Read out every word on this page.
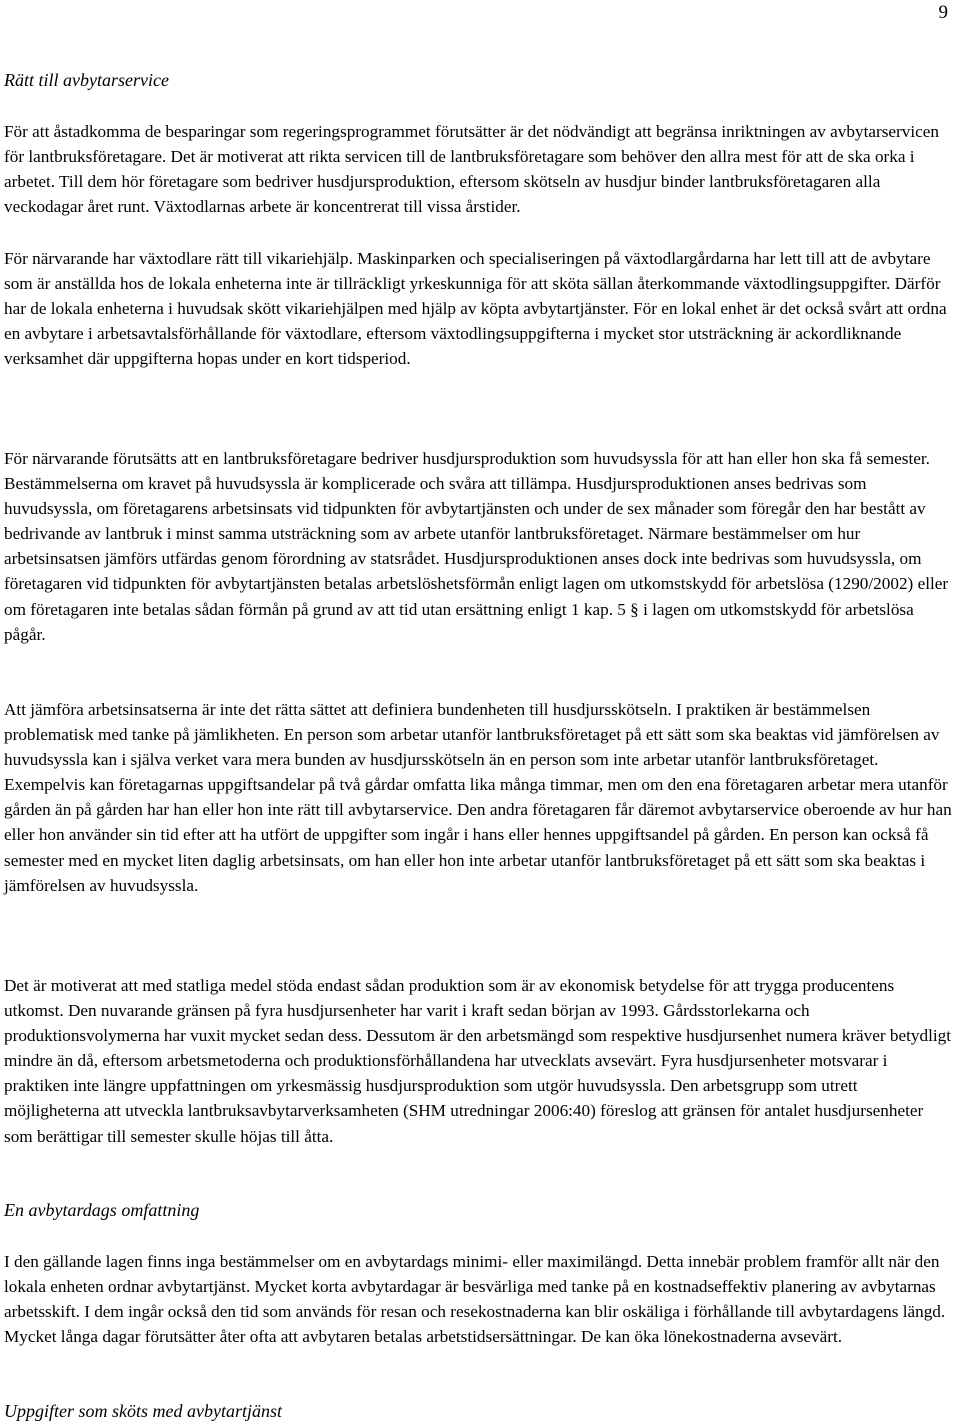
9

Rätt till avbytarservice

För att åstadkomma de besparingar som regeringsprogrammet förutsätter är det nödvändigt att begränsa inriktningen av avbytarservicen för lantbruksföretagare. Det är motiverat att rikta servicen till de lantbruksföretagare som behöver den allra mest för att de ska orka i arbetet. Till dem hör företagare som bedriver husdjursproduktion, eftersom skötseln av husdjur binder lantbruksföretagaren alla veckodagar året runt. Växtodlarnas arbete är koncentrerat till vissa årstider.

För närvarande har växtodlare rätt till vikariehjälp. Maskinparken och specialiseringen på växtodlargårdarna har lett till att de avbytare som är anställda hos de lokala enheterna inte är tillräckligt yrkeskunniga för att sköta sällan återkommande växtodlingsuppgifter. Därför har de lokala enheterna i huvudsak skött vikariehjälpen med hjälp av köpta avbytartjänster. För en lokal enhet är det också svårt att ordna en avbytare i arbetsavtalsförhållande för växtodlare, eftersom växtodlingsuppgifterna i mycket stor utsträckning är ackordliknande verksamhet där uppgifterna hopas under en kort tidsperiod.

För närvarande förutsätts att en lantbruksföretagare bedriver husdjursproduktion som huvudsyssla för att han eller hon ska få semester. Bestämmelserna om kravet på huvudsyssla är komplicerade och svåra att tillämpa. Husdjursproduktionen anses bedrivas som huvudsyssla, om företagarens arbetsinsats vid tidpunkten för avbytartjänsten och under de sex månader som föregår den har bestått av bedrivande av lantbruk i minst samma utsträckning som av arbete utanför lantbruksföretaget. Närmare bestämmelser om hur arbetsinsatsen jämförs utfärdas genom förordning av statsrådet. Husdjursproduktionen anses dock inte bedrivas som huvudsyssla, om företagaren vid tidpunkten för avbytartjänsten betalas arbetslöshetsförmån enligt lagen om utkomstskydd för arbetslösa (1290/2002) eller om företagaren inte betalas sådan förmån på grund av att tid utan ersättning enligt 1 kap. 5 § i lagen om utkomstskydd för arbetslösa pågår.

Att jämföra arbetsinsatserna är inte det rätta sättet att definiera bundenheten till husdjursskötseln. I praktiken är bestämmelsen problematisk med tanke på jämlikheten. En person som arbetar utanför lantbruksföretaget på ett sätt som ska beaktas vid jämförelsen av huvudsyssla kan i själva verket vara mera bunden av husdjursskötseln än en person som inte arbetar utanför lantbruksföretaget. Exempelvis kan företagarnas uppgiftsandelar på två gårdar omfatta lika många timmar, men om den ena företagaren arbetar mera utanför gården än på gården har han eller hon inte rätt till avbytarservice. Den andra företagaren får däremot avbytarservice oberoende av hur han eller hon använder sin tid efter att ha utfört de uppgifter som ingår i hans eller hennes uppgiftsandel på gården. En person kan också få semester med en mycket liten daglig arbetsinsats, om han eller hon inte arbetar utanför lantbruksföretaget på ett sätt som ska beaktas i jämförelsen av huvudsyssla.

Det är motiverat att med statliga medel stöda endast sådan produktion som är av ekonomisk betydelse för att trygga producentens utkomst. Den nuvarande gränsen på fyra husdjursenheter har varit i kraft sedan början av 1993. Gårdsstorlekarna och produktionsvolymerna har vuxit mycket sedan dess. Dessutom är den arbetsmängd som respektive husdjursenhet numera kräver betydligt mindre än då, eftersom arbetsmetoderna och produktionsförhållandena har utvecklats avsevärt. Fyra husdjursenheter motsvarar i praktiken inte längre uppfattningen om yrkesmässig husdjursproduktion som utgör huvudsyssla. Den arbetsgrupp som utrett möjligheterna att utveckla lantbruksavbytarverksamheten (SHM utredningar 2006:40) föreslog att gränsen för antalet husdjursenheter som berättigar till semester skulle höjas till åtta.

En avbytardags omfattning

I den gällande lagen finns inga bestämmelser om en avbytardags minimi- eller maximilängd. Detta innebär problem framför allt när den lokala enheten ordnar avbytartjänst. Mycket korta avbytardagar är besvärliga med tanke på en kostnadseffektiv planering av avbytarnas arbetsskift. I dem ingår också den tid som används för resan och resekostnaderna kan blir oskäliga i förhållande till avbytardagens längd. Mycket långa dagar förutsätter åter ofta att avbytaren betalas arbetstidsersättningar. De kan öka lönekostnaderna avsevärt.

Uppgifter som sköts med avbytartjänst
